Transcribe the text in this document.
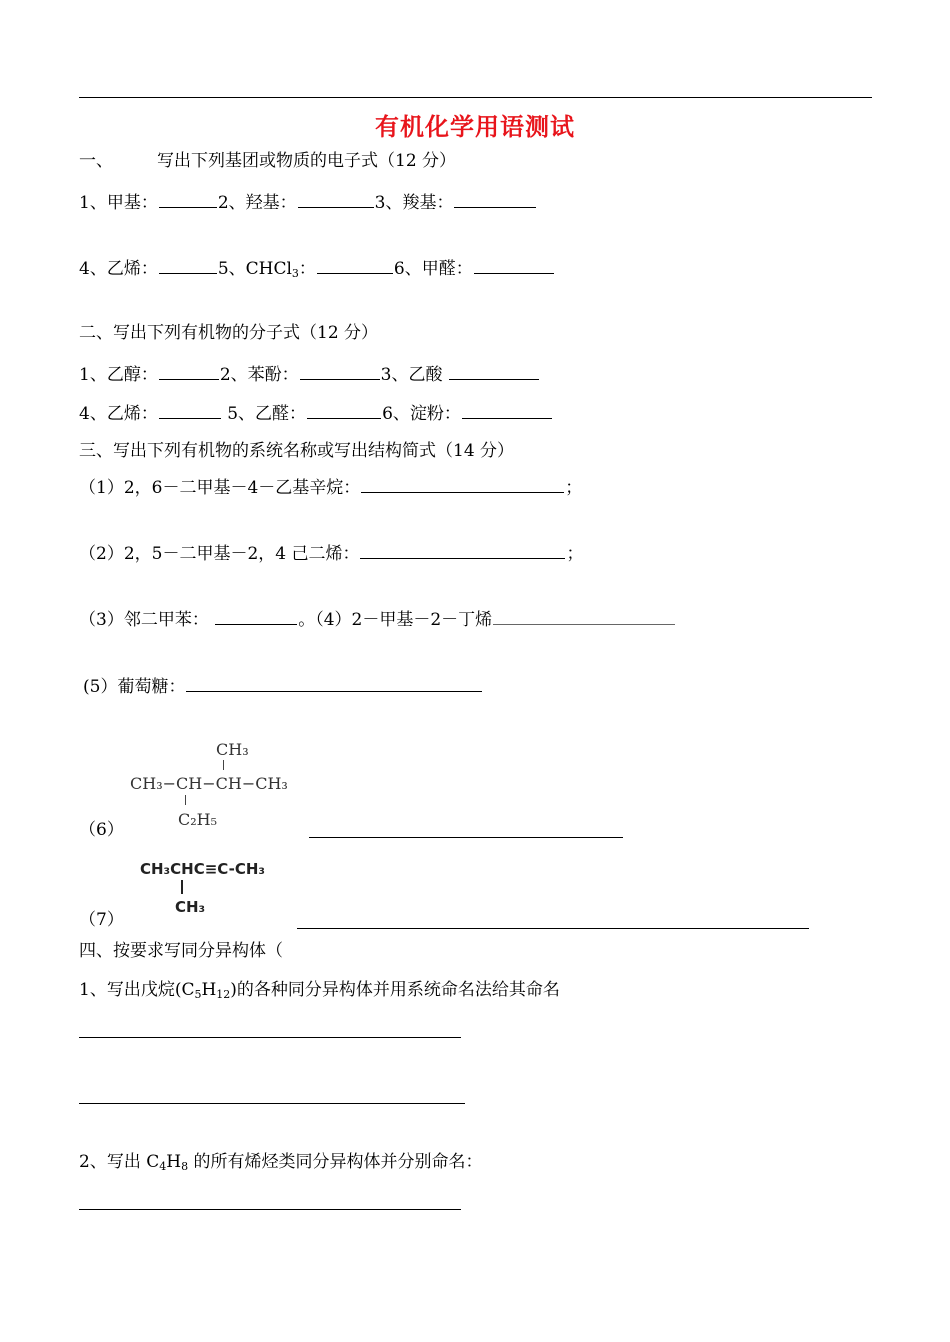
有机化学用语测试
一、	写出下列基团或物质的电子式（12 分）
1、甲基：	2、羟基：	3、羧基：
4、乙烯：	5、CHCl$_3$：	6、甲醛：
二、写出下列有机物的分子式（12 分）
1、乙醇：	2、苯酚：	3、乙酸
4、乙烯：	5、乙醛：	6、淀粉：
三、写出下列有机物的系统名称或写出结构简式（14 分）
（1）2，6－二甲基－4－乙基辛烷：	；
（2）2，5－二甲基－2，4 己二烯：	；
（3）邻二甲苯：	。（4）2－甲基－2－丁烯
(5）葡萄糖：
CH₃
CH₃−CH−CH−CH₃
C₂H₅
（6）
CH₃CHC≡C-CH₃
CH₃
（7）
四、按要求写同分异构体（
1、写出戊烷$(C_5H_{12})$的各种同分异构体并用系统命名法给其命名
2、写出 $C_4H_8$ 的所有烯烃类同分异构体并分别命名：
